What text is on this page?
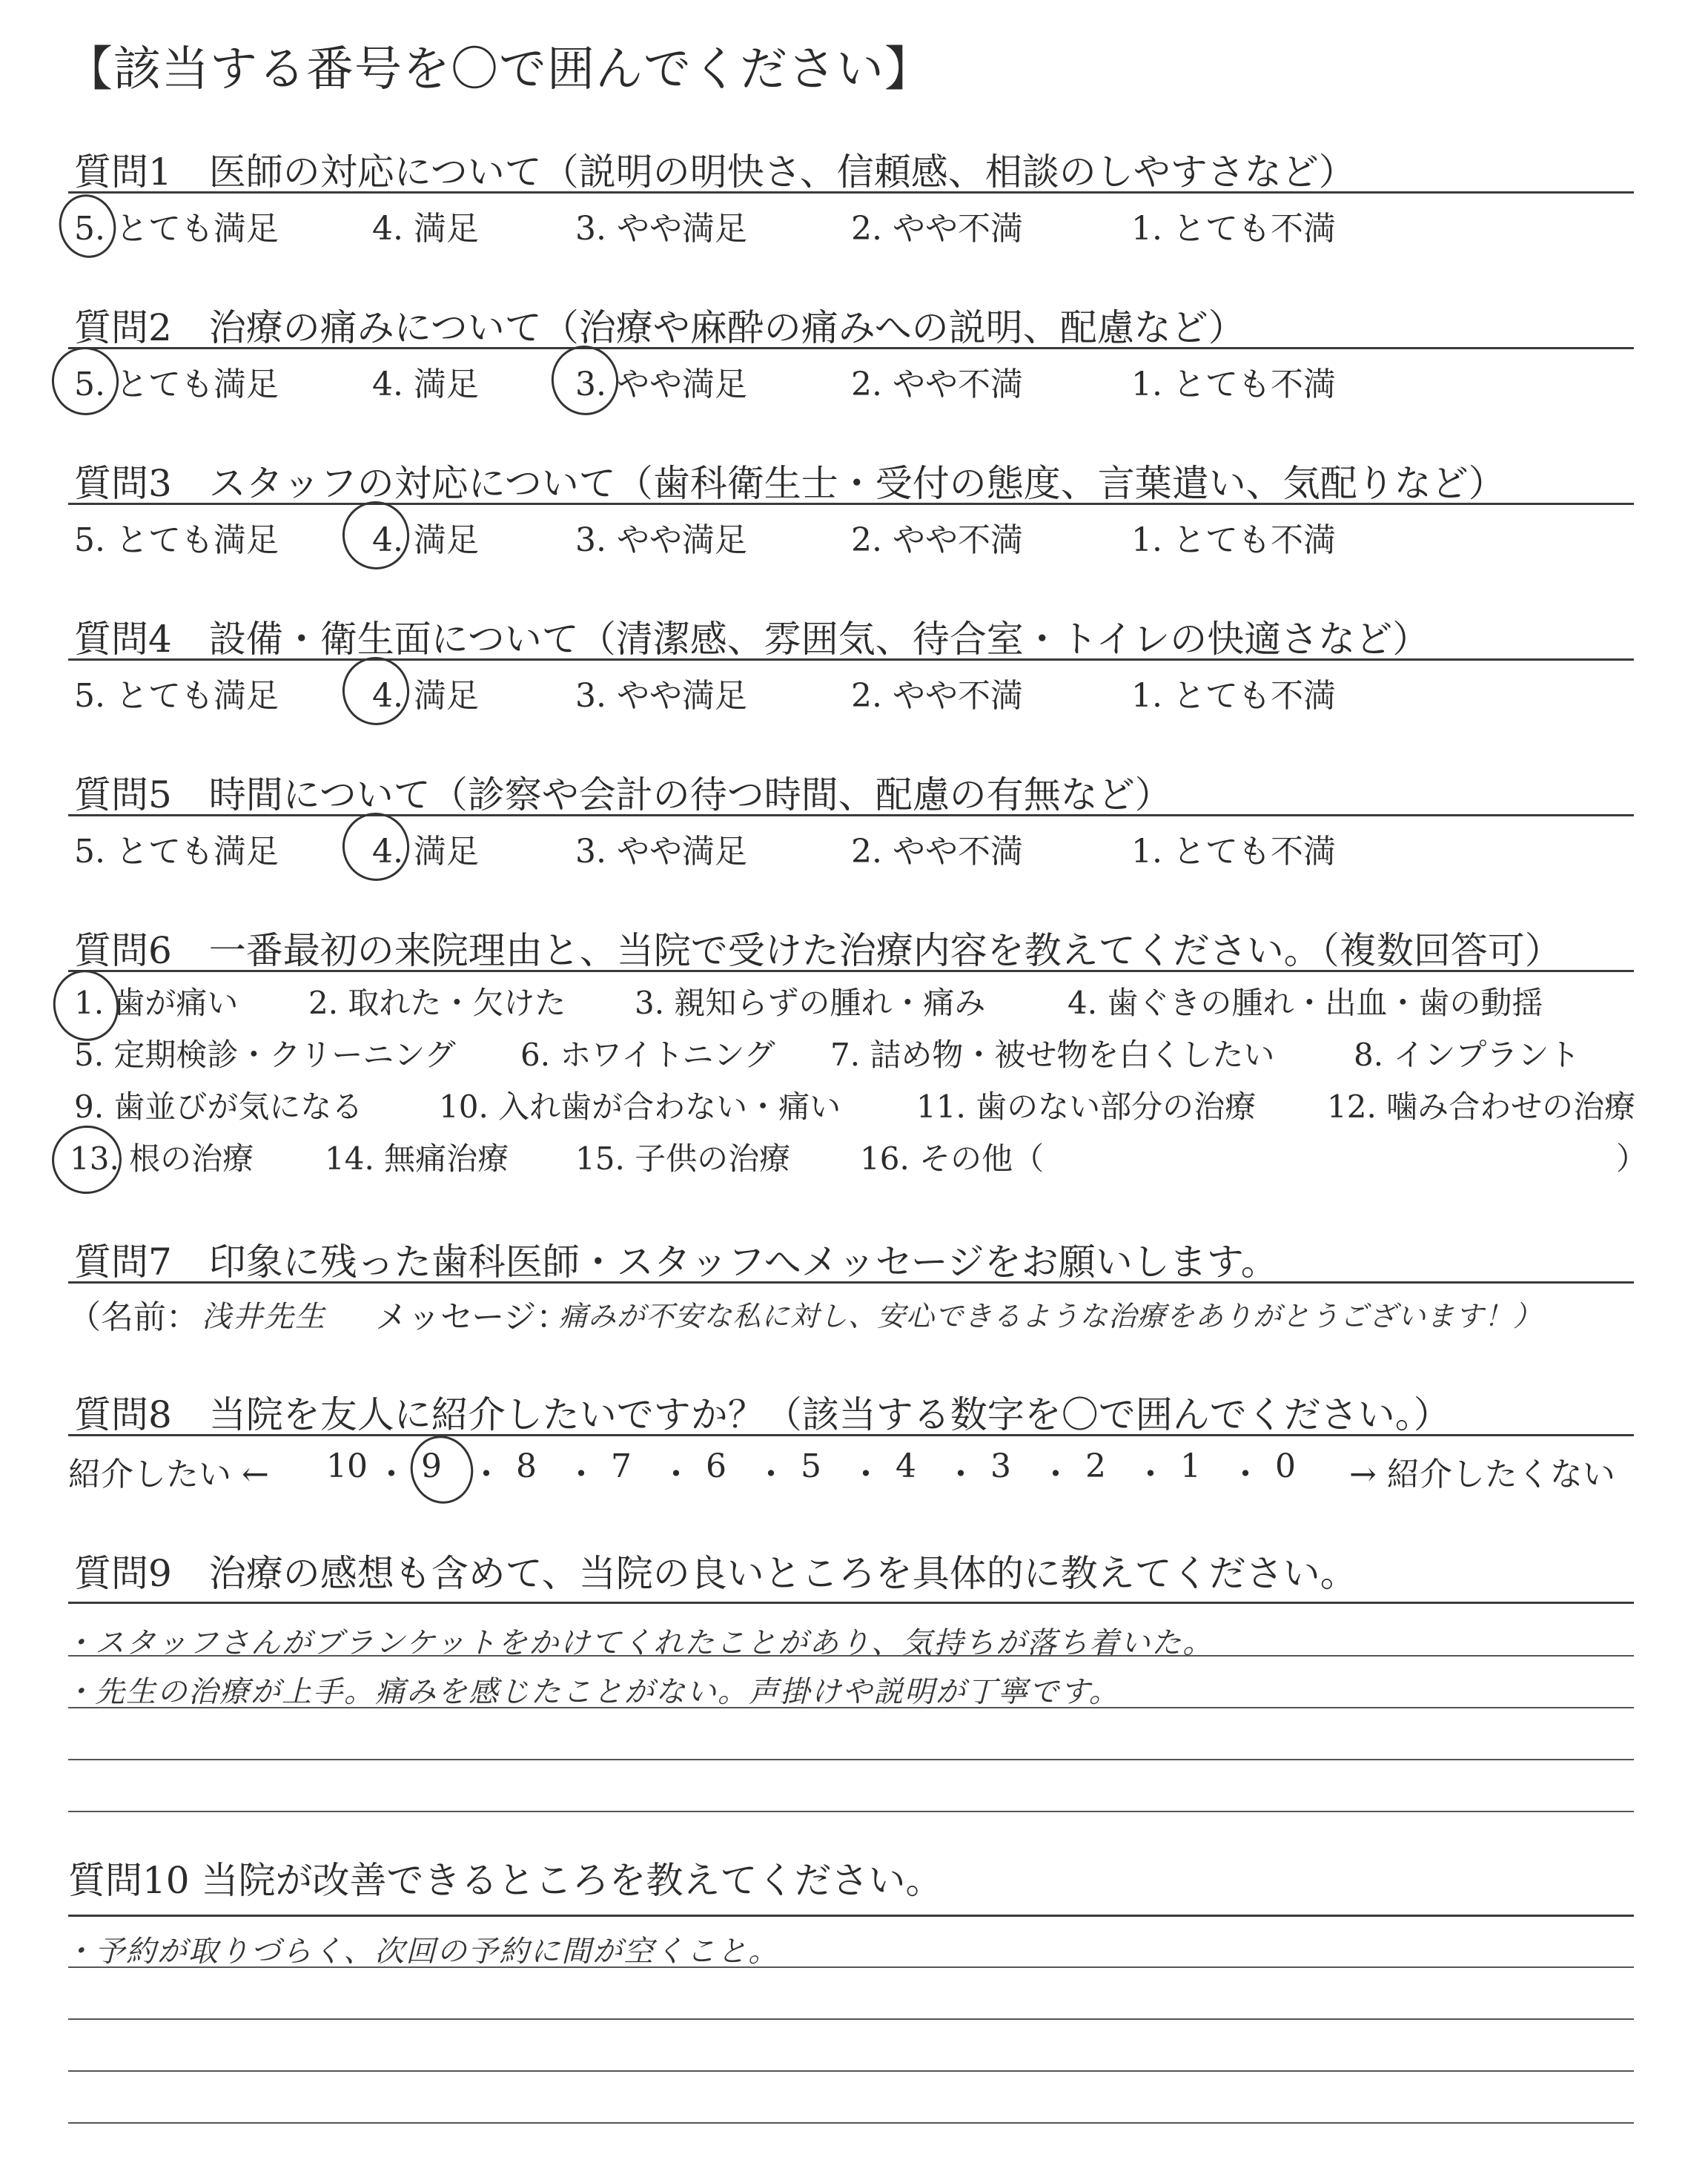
【該当する番号を〇で囲んでください】
質問1　医師の対応について（説明の明快さ、信頼感、相談のしやすさなど）
5. とても満足	4. 満足	3. やや満足	2. やや不満	1. とても不満
質問2　治療の痛みについて（治療や麻酔の痛みへの説明、配慮など）
5. とても満足	4. 満足	3. やや満足	2. やや不満	1. とても不満
質問3　スタッフの対応について（歯科衛生士・受付の態度、言葉遣い、気配りなど）
5. とても満足	4. 満足	3. やや満足	2. やや不満	1. とても不満
質問4　設備・衛生面について（清潔感、雰囲気、待合室・トイレの快適さなど）
5. とても満足	4. 満足	3. やや満足	2. やや不満	1. とても不満
質問5　時間について（診察や会計の待つ時間、配慮の有無など）
5. とても満足	4. 満足	3. やや満足	2. やや不満	1. とても不満
質問6　一番最初の来院理由と、当院で受けた治療内容を教えてください。（複数回答可）
1. 歯が痛い 2. 取れた・欠けた 3. 親知らずの腫れ・痛み	4. 歯ぐきの腫れ・出血・歯の動揺
5. 定期検診・クリーニング 6. ホワイトニング 7. 詰め物・被せ物を白くしたい	8. インプラント
9. 歯並びが気になる 10. 入れ歯が合わない・痛い 11. 歯のない部分の治療 12. 噛み合わせの治療
13. 根の治療 14. 無痛治療 15. 子供の治療 16. その他（	）
質問7　印象に残った歯科医師・スタッフへメッセージをお願いします。
（名前： 浅井先生 メッセージ：
痛みが不安な私に対し、安心できるような治療をありがとうございます！）
質問8　当院を友人に紹介したいですか？（該当する数字を〇で囲んでください。）
紹介したい ← 10 ・ 9 ・ 8 ・ 7 ・ 6 ・ 5 ・ 4 ・ 3 ・ 2 ・ 1 ・ 0 → 紹介したくない
質問9　治療の感想も含めて、当院の良いところを具体的に教えてください。
・スタッフさんがブランケットをかけてくれたことがあり、気持ちが落ち着いた。
・先生の治療が上手。痛みを感じたことがない。声掛けや説明が丁寧です。
質問10 当院が改善できるところを教えてください。
・予約が取りづらく、次回の予約に間が空くこと。
